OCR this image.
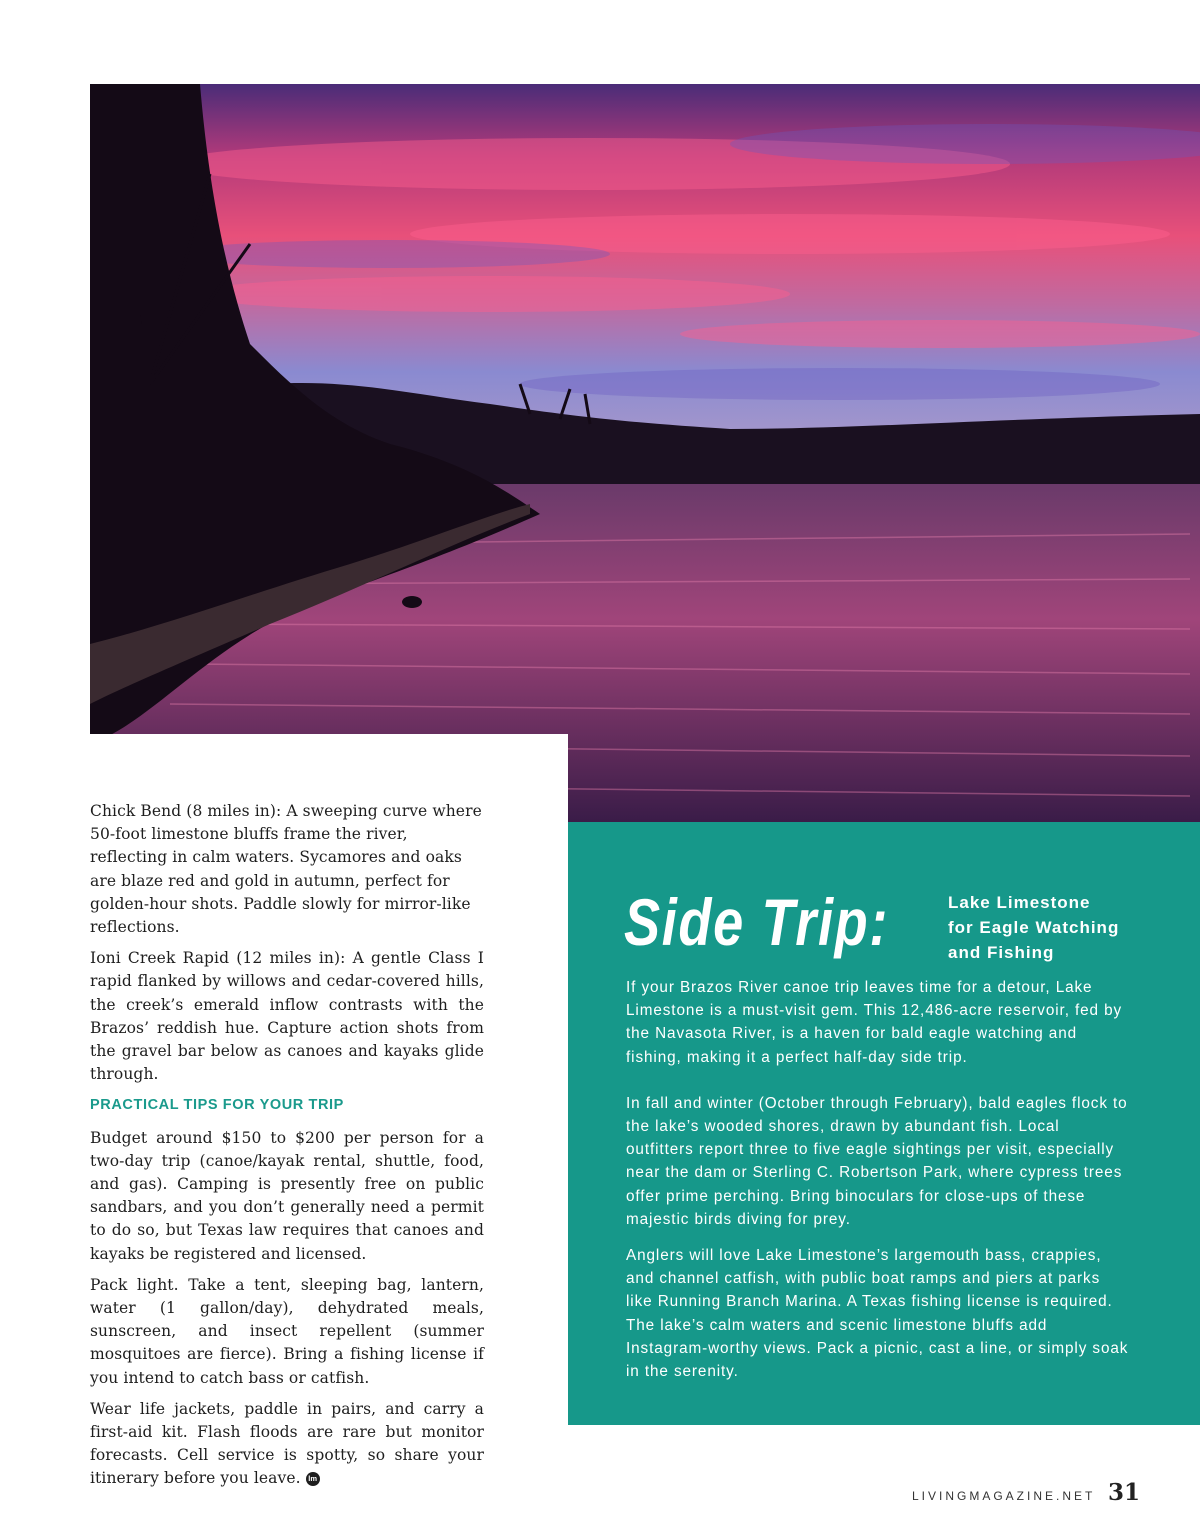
Chick Bend (8 miles in): A sweeping curve where 50-foot limestone bluffs frame the river, reflecting in calm waters. Sycamores and oaks are blaze red and gold in autumn, perfect for golden-hour shots. Paddle slowly for mirror-like reflections.

Ioni Creek Rapid (12 miles in): A gentle Class I rapid flanked by willows and cedar-covered hills, the creek’s emerald inflow contrasts with the Brazos’ reddish hue. Capture action shots from the gravel bar below as canoes and kayaks glide through.

PRACTICAL TIPS FOR YOUR TRIP

Budget around $150 to $200 per person for a two-day trip (canoe/kayak rental, shuttle, food, and gas). Camping is presently free on public sandbars, and you don’t generally need a permit to do so, but Texas law requires that canoes and kayaks be registered and licensed.

Pack light. Take a tent, sleeping bag, lantern, water (1 gallon/day), dehydrated meals, sunscreen, and insect repellent (summer mosquitoes are fierce). Bring a fishing license if you intend to catch bass or catfish.

Wear life jackets, paddle in pairs, and carry a first-aid kit. Flash floods are rare but monitor forecasts. Cell service is spotty, so share your itinerary before you leave. lm

Side Trip:	Lake Limestone
for Eagle Watching
and Fishing

If your Brazos River canoe trip leaves time for a detour, Lake Limestone is a must-visit gem. This 12,486-acre reservoir, fed by the Navasota River, is a haven for bald eagle watching and fishing, making it a perfect half-day side trip.

In fall and winter (October through February), bald eagles flock to the lake’s wooded shores, drawn by abundant fish. Local outfitters report three to five eagle sightings per visit, especially near the dam or Sterling C. Robertson Park, where cypress trees offer prime perching. Bring binoculars for close-ups of these majestic birds diving for prey.

Anglers will love Lake Limestone’s largemouth bass, crappies, and channel catfish, with public boat ramps and piers at parks like Running Branch Marina. A Texas fishing license is required. The lake’s calm waters and scenic limestone bluffs add Instagram-worthy views. Pack a picnic, cast a line, or simply soak in the serenity.

LIVINGMAGAZINE.NET 31
